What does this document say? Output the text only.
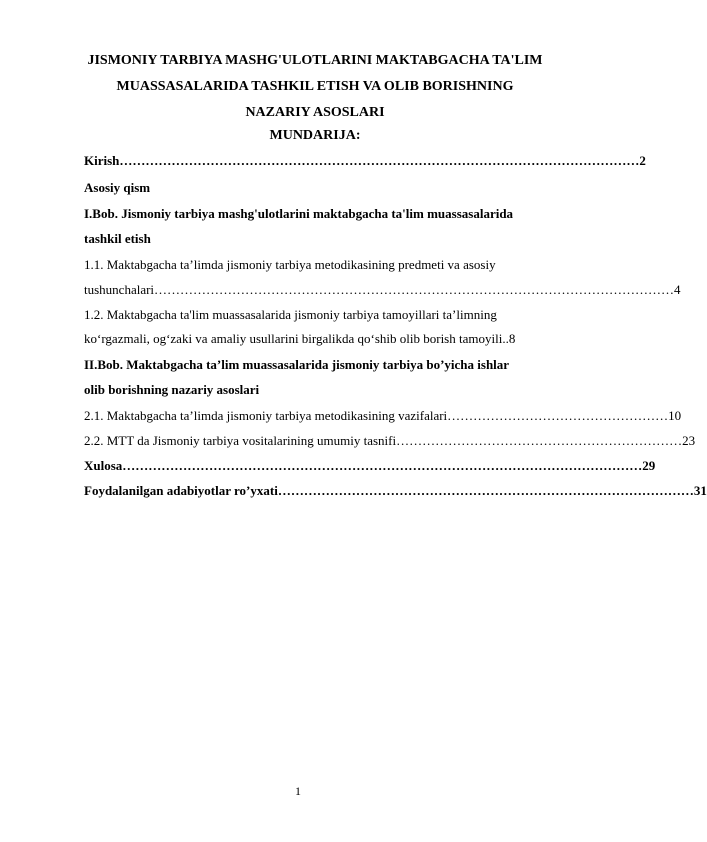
JISMONIY TARBIYA MASHG'ULOTLARINI MAKTABGACHA TA'LIM
MUASSASALARIDA TASHKIL ETISH VA OLIB BORISHNING
NAZARIY ASOSLARI
MUNDARIJA:
Kirish ………………………………………………………………………………………………………… 2
Asosiy qism
I.Bob. Jismoniy tarbiya mashg'ulotlarini maktabgacha ta'lim muassasalarida
tashkil etish
1.1. Maktabgacha ta’limda jismoniy tarbiya metodikasining predmeti va asosiy
tushunchalari ………………………………………………………………………………………………………… 4
1.2. Maktabgacha ta'lim muassasalarida jismoniy tarbiya tamoyillari ta’limning
ko‘rgazmali, og‘zaki va amaliy usullarini birgalikda qo‘shib olib borish tamoyili..8
II.Bob. Maktabgacha ta’lim muassasalarida jismoniy tarbiya bo’yicha ishlar
olib borishning nazariy asoslari
2.1. Maktabgacha ta’limda jismoniy tarbiya metodikasining vazifalari …………………………………………… 10
2.2. MTT da Jismoniy tarbiya vositalarining umumiy tasnifi ………………………………………………………… 23
Xulosa ………………………………………………………………………………………………………… 29
Foydalanilgan adabiyotlar ro’yxati …………………………………………………………………………………… 31
1
